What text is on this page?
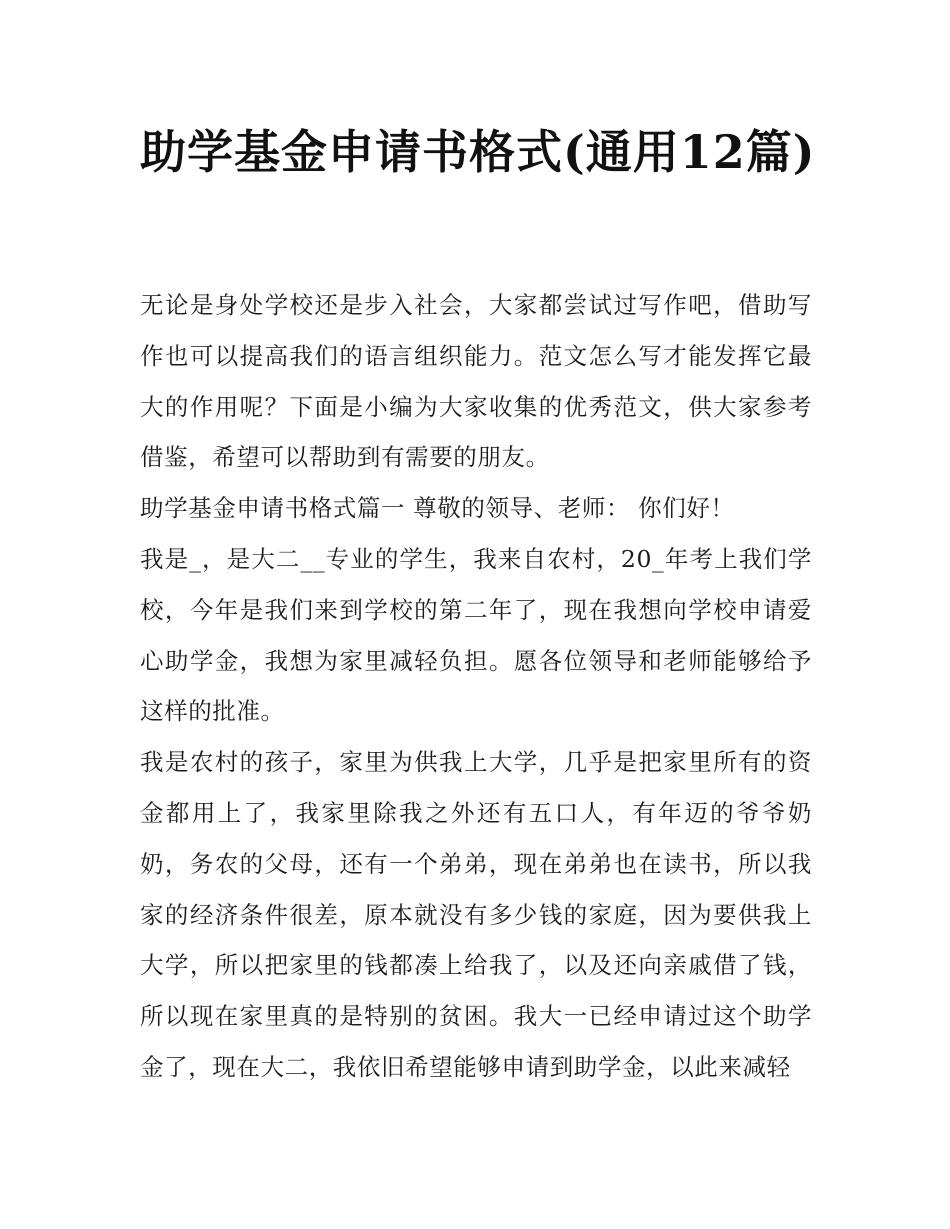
助学基金申请书格式(通用12篇)

无论是身处学校还是步入社会，大家都尝试过写作吧，借助写作也可以提高我们的语言组织能力。范文怎么写才能发挥它最大的作用呢？下面是小编为大家收集的优秀范文，供大家参考借鉴，希望可以帮助到有需要的朋友。

助学基金申请书格式篇一 尊敬的领导、老师： 你们好！

我是_，是大二__专业的学生，我来自农村，20_年考上我们学校，今年是我们来到学校的第二年了，现在我想向学校申请爱心助学金，我想为家里减轻负担。愿各位领导和老师能够给予这样的批准。

我是农村的孩子，家里为供我上大学，几乎是把家里所有的资金都用上了，我家里除我之外还有五口人，有年迈的爷爷奶奶，务农的父母，还有一个弟弟，现在弟弟也在读书，所以我家的经济条件很差，原本就没有多少钱的家庭，因为要供我上大学，所以把家里的钱都凑上给我了，以及还向亲戚借了钱，所以现在家里真的是特别的贫困。我大一已经申请过这个助学金了，现在大二，我依旧希望能够申请到助学金，以此来减轻
